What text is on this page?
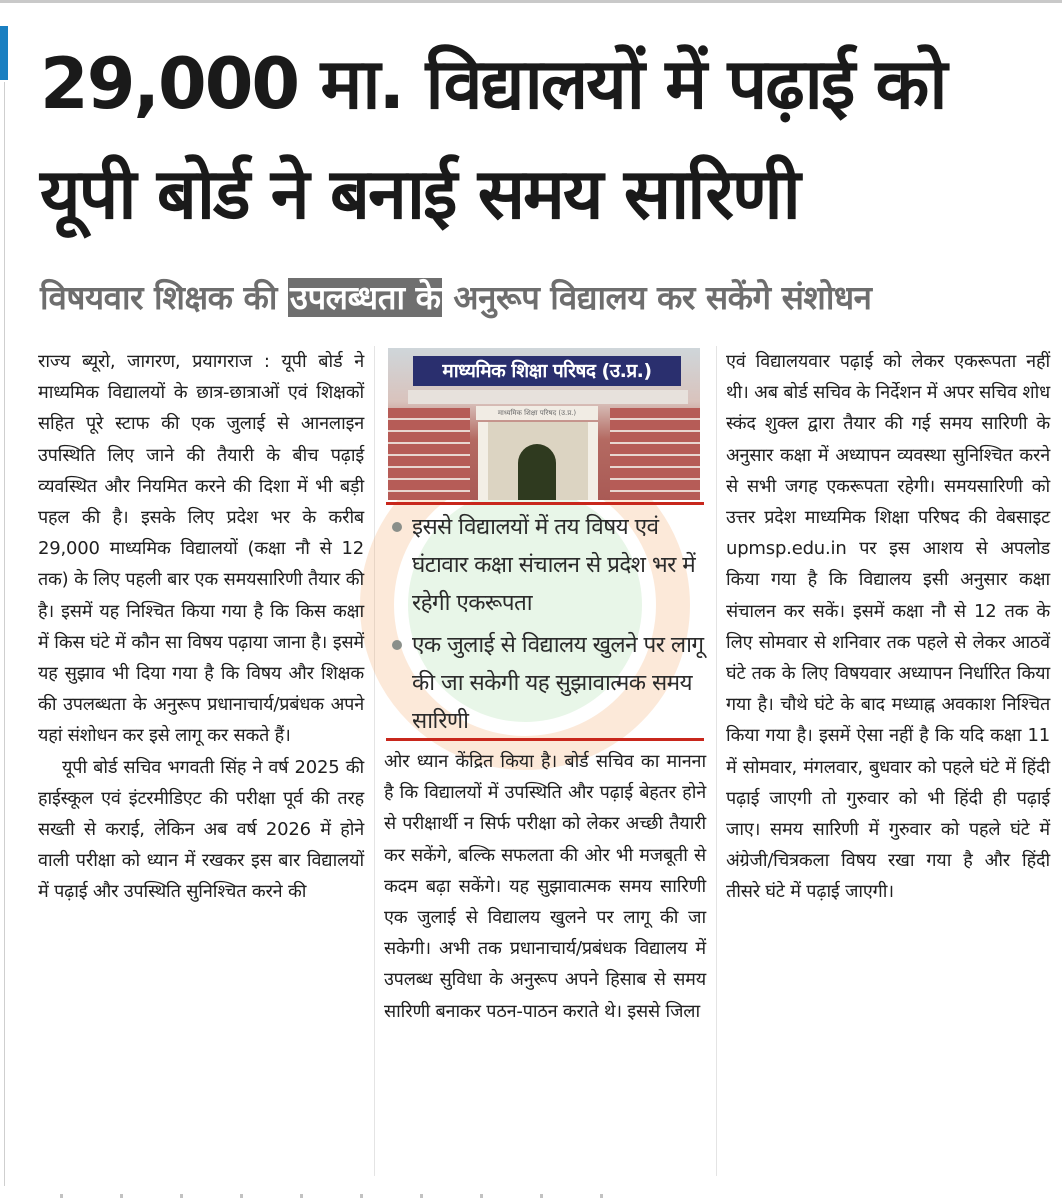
29,000 मा. विद्यालयों में पढ़ाई को
यूपी बोर्ड ने बनाई समय सारिणी
विषयवार शिक्षक की उपलब्धता के अनुरूप विद्यालय कर सकेंगे संशोधन

राज्य ब्यूरो, जागरण, प्रयागराज : यूपी बोर्ड ने माध्यमिक विद्यालयों के छात्र-छात्राओं एवं शिक्षकों सहित पूरे स्टाफ की एक जुलाई से आनलाइन उपस्थिति लिए जाने की तैयारी के बीच पढ़ाई व्यवस्थित और नियमित करने की दिशा में भी बड़ी पहल की है। इसके लिए प्रदेश भर के करीब 29,000 माध्यमिक विद्यालयों (कक्षा नौ से 12 तक) के लिए पहली बार एक समयसारिणी तैयार की है। इसमें यह निश्चित किया गया है कि किस कक्षा में किस घंटे में कौन सा विषय पढ़ाया जाना है। इसमें यह सुझाव भी दिया गया है कि विषय और शिक्षक की उपलब्धता के अनुरूप प्रधानाचार्य/प्रबंधक अपने यहां संशोधन कर इसे लागू कर सकते हैं।

यूपी बोर्ड सचिव भगवती सिंह ने वर्ष 2025 की हाईस्कूल एवं इंटरमीडिएट की परीक्षा पूर्व की तरह सख्ती से कराई, लेकिन अब वर्ष 2026 में होने वाली परीक्षा को ध्यान में रखकर इस बार विद्यालयों में पढ़ाई और उपस्थिति सुनिश्चित करने की

माध्यमिक शिक्षा परिषद (उ.प्र.)
माध्यमिक शिक्षा परिषद (उ.प्र.)
इससे विद्यालयों में तय विषय एवं घंटावार कक्षा संचालन से प्रदेश भर में रहेगी एकरूपता
एक जुलाई से विद्यालय खुलने पर लागू की जा सकेगी यह सुझावात्मक समय सारिणी

ओर ध्यान केंद्रित किया है। बोर्ड सचिव का मानना है कि विद्यालयों में उपस्थिति और पढ़ाई बेहतर होने से परीक्षार्थी न सिर्फ परीक्षा को लेकर अच्छी तैयारी कर सकेंगे, बल्कि सफलता की ओर भी मजबूती से कदम बढ़ा सकेंगे। यह सुझावात्मक समय सारिणी एक जुलाई से विद्यालय खुलने पर लागू की जा सकेगी। अभी तक प्रधानाचार्य/प्रबंधक विद्यालय में उपलब्ध सुविधा के अनुरूप अपने हिसाब से समय सारिणी बनाकर पठन-पाठन कराते थे। इससे जिला

एवं विद्यालयवार पढ़ाई को लेकर एकरूपता नहीं थी। अब बोर्ड सचिव के निर्देशन में अपर सचिव शोध स्कंद शुक्ल द्वारा तैयार की गई समय सारिणी के अनुसार कक्षा में अध्यापन व्यवस्था सुनिश्चित करने से सभी जगह एकरूपता रहेगी। समयसारिणी को उत्तर प्रदेश माध्यमिक शिक्षा परिषद की वेबसाइट upmsp.edu.in पर इस आशय से अपलोड किया गया है कि विद्यालय इसी अनुसार कक्षा संचालन कर सकें। इसमें कक्षा नौ से 12 तक के लिए सोमवार से शनिवार तक पहले से लेकर आठवें घंटे तक के लिए विषयवार अध्यापन निर्धारित किया गया है। चौथे घंटे के बाद मध्याह्न अवकाश निश्चित किया गया है। इसमें ऐसा नहीं है कि यदि कक्षा 11 में सोमवार, मंगलवार, बुधवार को पहले घंटे में हिंदी पढ़ाई जाएगी तो गुरुवार को भी हिंदी ही पढ़ाई जाए। समय सारिणी में गुरुवार को पहले घंटे में अंग्रेजी/चित्रकला विषय रखा गया है और हिंदी तीसरे घंटे में पढ़ाई जाएगी।
